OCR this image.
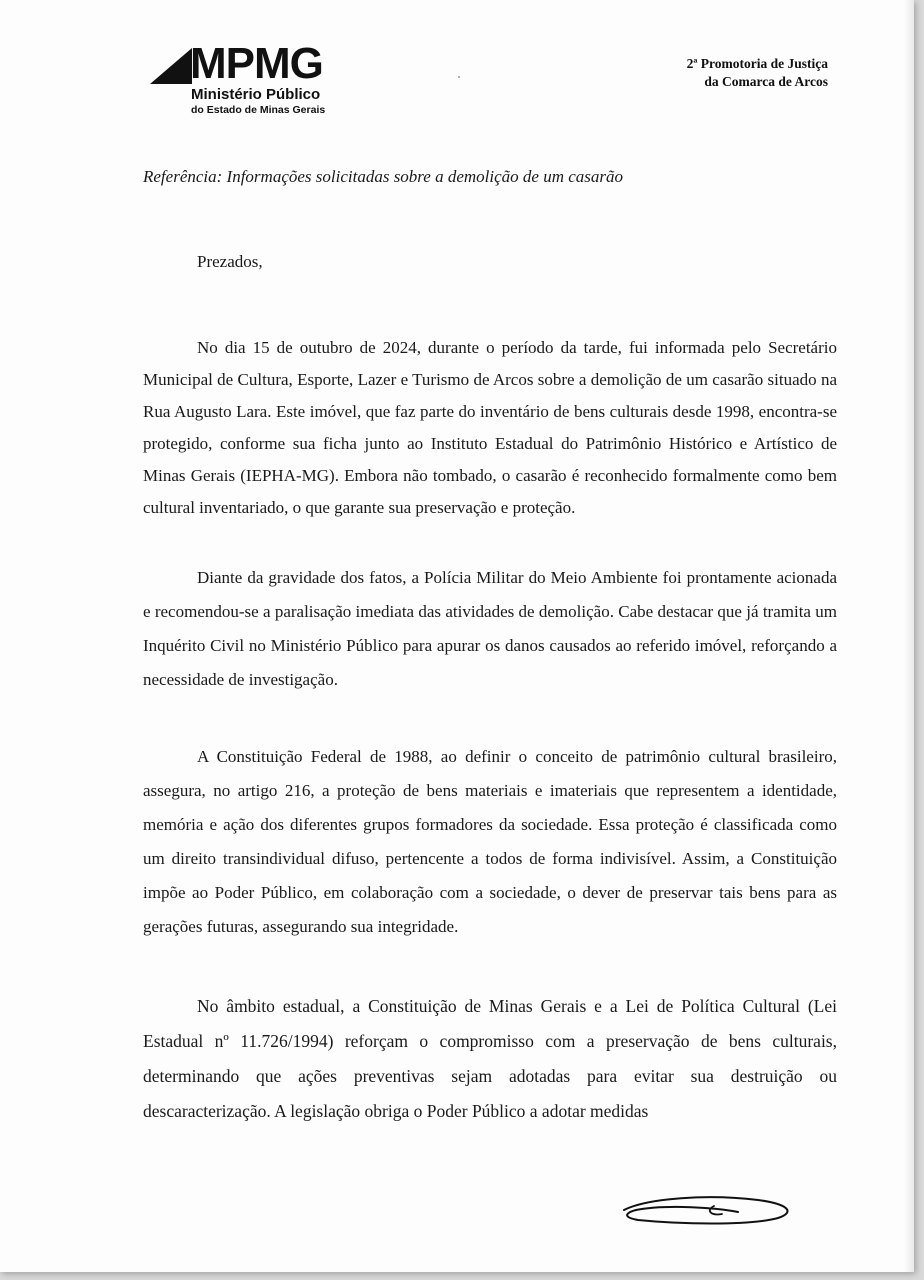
MPMG
Ministério Público
do Estado de Minas Gerais
2ª Promotoria de Justiça
da Comarca de Arcos
Referência: Informações solicitadas sobre a demolição de um casarão
Prezados,

No dia 15 de outubro de 2024, durante o período da tarde, fui informada pelo Secretário Municipal de Cultura, Esporte, Lazer e Turismo de Arcos sobre a demolição de um casarão situado na Rua Augusto Lara. Este imóvel, que faz parte do inventário de bens culturais desde 1998, encontra-se protegido, conforme sua ficha junto ao Instituto Estadual do Patrimônio Histórico e Artístico de Minas Gerais (IEPHA-MG). Embora não tombado, o casarão é reconhecido formalmente como bem cultural inventariado, o que garante sua preservação e proteção.

Diante da gravidade dos fatos, a Polícia Militar do Meio Ambiente foi prontamente acionada e recomendou-se a paralisação imediata das atividades de demolição. Cabe destacar que já tramita um Inquérito Civil no Ministério Público para apurar os danos causados ao referido imóvel, reforçando a necessidade de investigação.

A Constituição Federal de 1988, ao definir o conceito de patrimônio cultural brasileiro, assegura, no artigo 216, a proteção de bens materiais e imateriais que representem a identidade, memória e ação dos diferentes grupos formadores da sociedade. Essa proteção é classificada como um direito transindividual difuso, pertencente a todos de forma indivisível. Assim, a Constituição impõe ao Poder Público, em colaboração com a sociedade, o dever de preservar tais bens para as gerações futuras, assegurando sua integridade.

No âmbito estadual, a Constituição de Minas Gerais e a Lei de Política Cultural (Lei Estadual nº 11.726/1994) reforçam o compromisso com a preservação de bens culturais, determinando que ações preventivas sejam adotadas para evitar sua destruição ou descaracterização. A legislação obriga o Poder Público a adotar medidas
